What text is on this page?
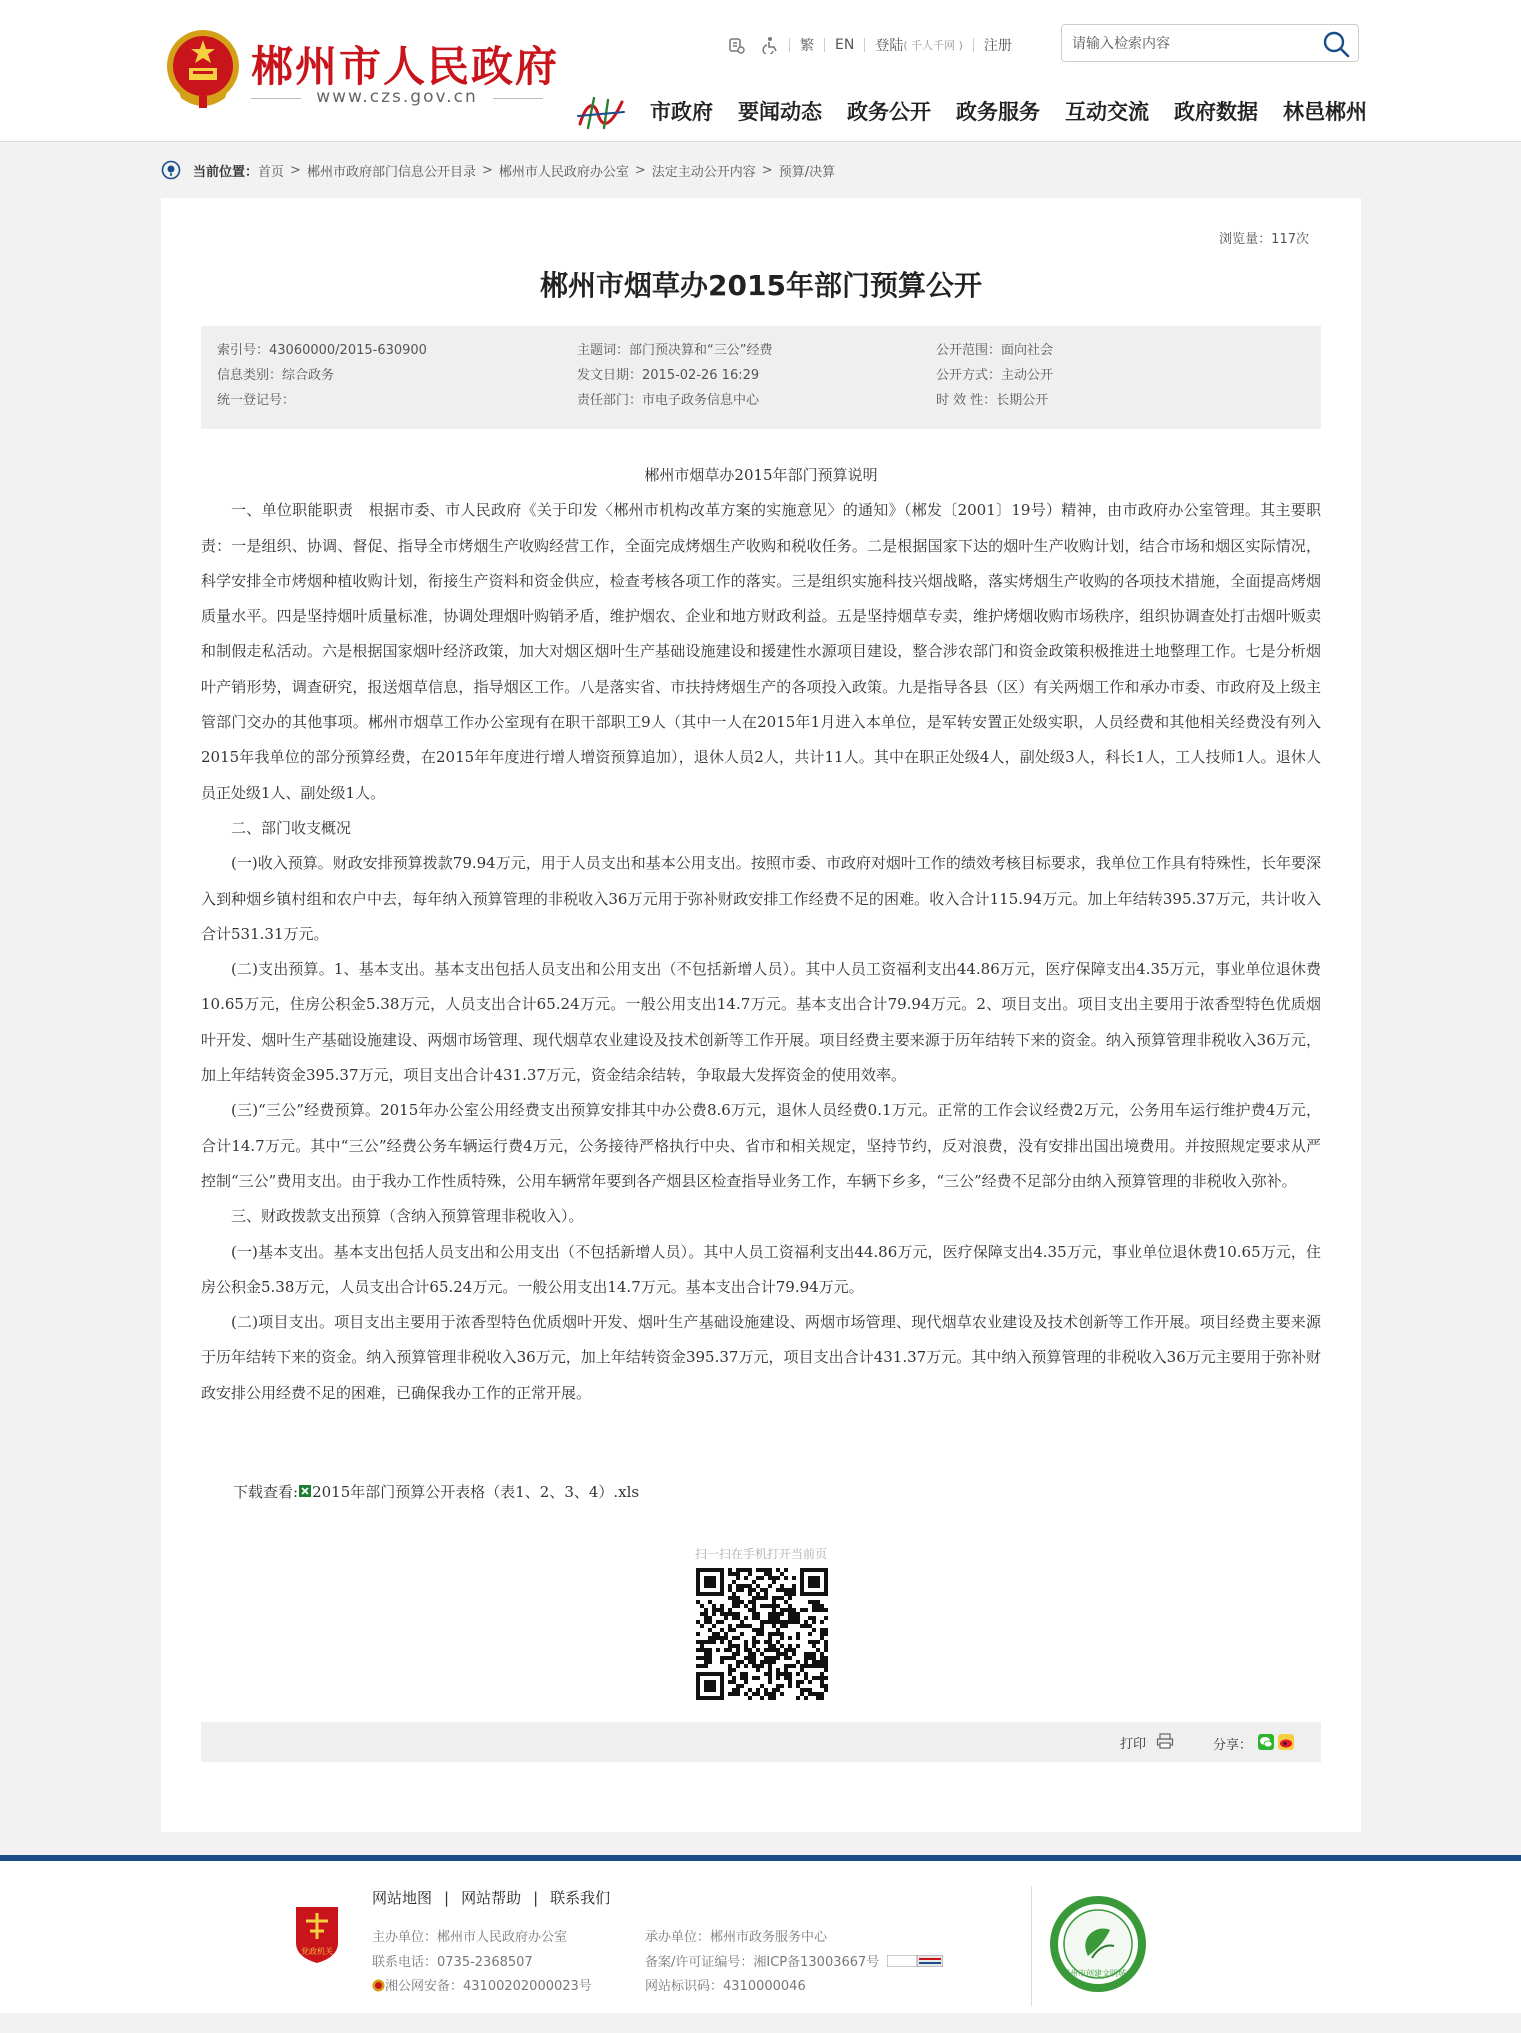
郴州市人民政府
www.czs.gov.cn
繁 EN 登陆 ( 千人千网 ) 注册
请输入检索内容
市政府 要闻动态 政务公开 政务服务 互动交流 政府数据 林邑郴州
当前位置： 首页 > 郴州市政府部门信息公开目录 > 郴州市人民政府办公室 > 法定主动公开内容 > 预算/决算
浏览量：117次
郴州市烟草办2015年部门预算公开
索引号：43060000/2015-630900
信息类别：综合政务
统一登记号：
主题词：部门预决算和“三公”经费
发文日期：2015-02-26 16:29
责任部门：市电子政务信息中心
公开范围：面向社会
公开方式：主动公开
时 效 性：长期公开
郴州市烟草办2015年部门预算说明

一、单位职能职责　根据市委、市人民政府《关于印发〈郴州市机构改革方案的实施意见〉的通知》（郴发〔2001〕19号）精神，由市政府办公室管理。其主要职责：一是组织、协调、督促、指导全市烤烟生产收购经营工作，全面完成烤烟生产收购和税收任务。二是根据国家下达的烟叶生产收购计划，结合市场和烟区实际情况，科学安排全市烤烟种植收购计划，衔接生产资料和资金供应，检查考核各项工作的落实。三是组织实施科技兴烟战略，落实烤烟生产收购的各项技术措施，全面提高烤烟质量水平。四是坚持烟叶质量标准，协调处理烟叶购销矛盾，维护烟农、企业和地方财政利益。五是坚持烟草专卖，维护烤烟收购市场秩序，组织协调查处打击烟叶贩卖和制假走私活动。六是根据国家烟叶经济政策，加大对烟区烟叶生产基础设施建设和援建性水源项目建设，整合涉农部门和资金政策积极推进土地整理工作。七是分析烟叶产销形势，调查研究，报送烟草信息，指导烟区工作。八是落实省、市扶持烤烟生产的各项投入政策。九是指导各县（区）有关两烟工作和承办市委、市政府及上级主管部门交办的其他事项。郴州市烟草工作办公室现有在职干部职工9人（其中一人在2015年1月进入本单位，是军转安置正处级实职，人员经费和其他相关经费没有列入2015年我单位的部分预算经费，在2015年年度进行增人增资预算追加），退休人员2人，共计11人。其中在职正处级4人，副处级3人，科长1人，工人技师1人。退休人员正处级1人、副处级1人。

二、部门收支概况

(一)收入预算。财政安排预算拨款79.94万元，用于人员支出和基本公用支出。按照市委、市政府对烟叶工作的绩效考核目标要求，我单位工作具有特殊性，长年要深入到种烟乡镇村组和农户中去，每年纳入预算管理的非税收入36万元用于弥补财政安排工作经费不足的困难。收入合计115.94万元。加上年结转395.37万元，共计收入合计531.31万元。

(二)支出预算。1、基本支出。基本支出包括人员支出和公用支出（不包括新增人员）。其中人员工资福利支出44.86万元，医疗保障支出4.35万元，事业单位退休费10.65万元，住房公积金5.38万元，人员支出合计65.24万元。一般公用支出14.7万元。基本支出合计79.94万元。2、项目支出。项目支出主要用于浓香型特色优质烟叶开发、烟叶生产基础设施建设、两烟市场管理、现代烟草农业建设及技术创新等工作开展。项目经费主要来源于历年结转下来的资金。纳入预算管理非税收入36万元，加上年结转资金395.37万元，项目支出合计431.37万元，资金结余结转，争取最大发挥资金的使用效率。

(三)“三公”经费预算。2015年办公室公用经费支出预算安排其中办公费8.6万元，退休人员经费0.1万元。正常的工作会议经费2万元，公务用车运行维护费4万元，合计14.7万元。其中“三公”经费公务车辆运行费4万元，公务接待严格执行中央、省市和相关规定，坚持节约，反对浪费，没有安排出国出境费用。并按照规定要求从严控制“三公”费用支出。由于我办工作性质特殊，公用车辆常年要到各产烟县区检查指导业务工作，车辆下乡多，“三公”经费不足部分由纳入预算管理的非税收入弥补。

三、财政拨款支出预算（含纳入预算管理非税收入）。

(一)基本支出。基本支出包括人员支出和公用支出（不包括新增人员）。其中人员工资福利支出44.86万元，医疗保障支出4.35万元，事业单位退休费10.65万元，住房公积金5.38万元，人员支出合计65.24万元。一般公用支出14.7万元。基本支出合计79.94万元。

(二)项目支出。项目支出主要用于浓香型特色优质烟叶开发、烟叶生产基础设施建设、两烟市场管理、现代烟草农业建设及技术创新等工作开展。项目经费主要来源于历年结转下来的资金。纳入预算管理非税收入36万元，加上年结转资金395.37万元，项目支出合计431.37万元。其中纳入预算管理的非税收入36万元主要用于弥补财政安排公用经费不足的困难，已确保我办工作的正常开展。

下载查看: 2015年部门预算公开表格（表1、2、3、4）.xls
扫一扫在手机打开当前页
打印	分享：
党政机关
网站地图 | 网站帮助 | 联系我们
主办单位：郴州市人民政府办公室
联系电话：0735-2368507
湘公网安备：43100202000023号
承办单位：郴州市政务服务中心
备案/许可证编号：湘ICP备13003667号
网站标识码：4310000046
郴州市创建文明城市
